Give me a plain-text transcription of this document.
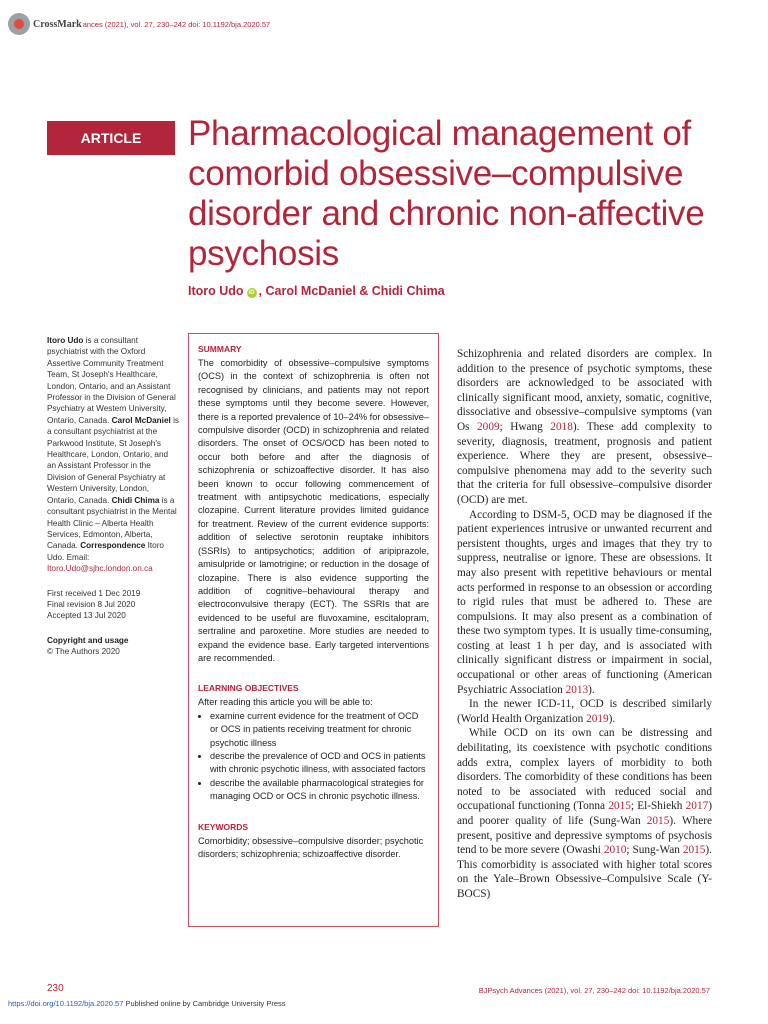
CrossMark ances (2021), vol. 27, 230–242 doi: 10.1192/bja.2020.57
ARTICLE	Pharmacological management of comorbid obsessive–compulsive disorder and chronic non-affective psychosis
Itoro Udo iD , Carol McDaniel & Chidi Chima

Itoro Udo is a consultant psychiatrist with the Oxford Assertive Community Treatment Team, St Joseph's Healthcare, London, Ontario, and an Assistant Professor in the Division of General Psychiatry at Western University, Ontario, Canada. Carol McDaniel is a consultant psychiatrist at the Parkwood Institute, St Joseph's Healthcare, London, Ontario, and an Assistant Professor in the Division of General Psychiatry at Western University, London, Ontario, Canada. Chidi Chima is a consultant psychiatrist in the Mental Health Clinic – Alberta Health Services, Edmonton, Alberta, Canada. Correspondence Itoro Udo. Email: Itoro.Udo@sjhc.london.on.ca

First received 1 Dec 2019
Final revision 8 Jul 2020
Accepted 13 Jul 2020

Copyright and usage
© The Authors 2020

SUMMARY

The comorbidity of obsessive–compulsive symptoms (OCS) in the context of schizophrenia is often not recognised by clinicians, and patients may not report these symptoms until they become severe. However, there is a reported prevalence of 10–24% for obsessive–compulsive disorder (OCD) in schizophrenia and related disorders. The onset of OCS/OCD has been noted to occur both before and after the diagnosis of schizophrenia or schizoaffective disorder. It has also been known to occur following commencement of treatment with antipsychotic medications, especially clozapine. Current literature provides limited guidance for treatment. Review of the current evidence supports: addition of selective serotonin reuptake inhibitors (SSRIs) to antipsychotics; addition of aripiprazole, amisulpride or lamotrigine; or reduction in the dosage of clozapine. There is also evidence supporting the addition of cognitive–behavioural therapy and electroconvulsive therapy (ECT). The SSRIs that are evidenced to be useful are fluvoxamine, escitalopram, sertraline and paroxetine. More studies are needed to expand the evidence base. Early targeted interventions are recommended.

LEARNING OBJECTIVES

After reading this article you will be able to:

• examine current evidence for the treatment of OCD or OCS in patients receiving treatment for chronic psychotic illness
• describe the prevalence of OCD and OCS in patients with chronic psychotic illness, with associated factors
• describe the available pharmacological strategies for managing OCD or OCS in chronic psychotic illness.
KEYWORDS

Comorbidity; obsessive–compulsive disorder; psychotic disorders; schizophrenia; schizoaffective disorder.

Schizophrenia and related disorders are complex. In addition to the presence of psychotic symptoms, these disorders are acknowledged to be associated with clinically significant mood, anxiety, somatic, cognitive, dissociative and obsessive–compulsive symptoms (van Os 2009; Hwang 2018). These add complexity to severity, diagnosis, treatment, prognosis and patient experience. Where they are present, obsessive–compulsive phenomena may add to the severity such that the criteria for full obsessive–compulsive disorder (OCD) are met.

According to DSM-5, OCD may be diagnosed if the patient experiences intrusive or unwanted recurrent and persistent thoughts, urges and images that they try to suppress, neutralise or ignore. These are obsessions. It may also present with repetitive behaviours or mental acts performed in response to an obsession or according to rigid rules that must be adhered to. These are compulsions. It may also present as a combination of these two symptom types. It is usually time-consuming, costing at least 1 h per day, and is associated with clinically significant distress or impairment in social, occupational or other areas of functioning (American Psychiatric Association 2013).

In the newer ICD-11, OCD is described similarly (World Health Organization 2019).

While OCD on its own can be distressing and debilitating, its coexistence with psychotic conditions adds extra, complex layers of morbidity to both disorders. The comorbidity of these conditions has been noted to be associated with reduced social and occupational functioning (Tonna 2015; El-Shiekh 2017) and poorer quality of life (Sung-Wan 2015). Where present, positive and depressive symptoms of psychosis tend to be more severe (Owashi 2010; Sung-Wan 2015). This comorbidity is associated with higher total scores on the Yale–Brown Obsessive–Compulsive Scale (Y-BOCS)

230	BJPsych Advances (2021), vol. 27, 230–242 doi: 10.1192/bja.2020.57
https://doi.org/10.1192/bja.2020.57 Published online by Cambridge University Press
